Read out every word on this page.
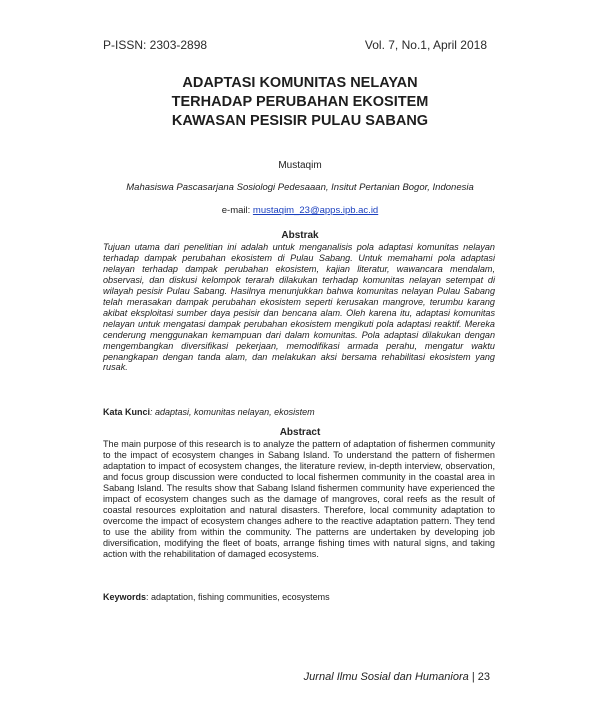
P-ISSN: 2303-2898	Vol. 7, No.1, April 2018
ADAPTASI KOMUNITAS NELAYAN
TERHADAP PERUBAHAN EKOSITEM
KAWASAN PESISIR PULAU SABANG
Mustaqim
Mahasiswa Pascasarjana Sosiologi Pedesaaan, Insitut Pertanian Bogor, Indonesia
e-mail: mustaqim_23@apps.ipb.ac.id
Abstrak
Tujuan utama dari penelitian ini adalah untuk menganalisis pola adaptasi komunitas nelayan terhadap dampak perubahan ekosistem di Pulau Sabang. Untuk memahami pola adaptasi nelayan terhadap dampak perubahan ekosistem, kajian literatur, wawancara mendalam, observasi, dan diskusi kelompok terarah dilakukan terhadap komunitas nelayan setempat di wilayah pesisir Pulau Sabang. Hasilnya menunjukkan bahwa komunitas nelayan Pulau Sabang telah merasakan dampak perubahan ekosistem seperti kerusakan mangrove, terumbu karang akibat eksploitasi sumber daya pesisir dan bencana alam. Oleh karena itu, adaptasi komunitas nelayan untuk mengatasi dampak perubahan ekosistem mengikuti pola adaptasi reaktif. Mereka cenderung menggunakan kemampuan dari dalam komunitas. Pola adaptasi dilakukan dengan mengembangkan diversifikasi pekerjaan, memodifikasi armada perahu, mengatur waktu penangkapan dengan tanda alam, dan melakukan aksi bersama rehabilitasi ekosistem yang rusak.
Kata Kunci: adaptasi, komunitas nelayan, ekosistem
Abstract
The main purpose of this research is to analyze the pattern of adaptation of fishermen community to the impact of ecosystem changes in Sabang Island. To understand the pattern of fishermen adaptation to impact of ecosystem changes, the literature review, in-depth interview, observation, and focus group discussion were conducted to local fishermen community in the coastal area in Sabang Island. The results show that Sabang Island fishermen community have experienced the impact of ecosystem changes such as the damage of mangroves, coral reefs as the result of coastal resources exploitation and natural disasters. Therefore, local community adaptation to overcome the impact of ecosystem changes adhere to the reactive adaptation pattern. They tend to use the ability from within the community. The patterns are undertaken by developing job diversification, modifying the fleet of boats, arrange fishing times with natural signs, and taking action with the rehabilitation of damaged ecosystems.
Keywords: adaptation, fishing communities, ecosystems
Jurnal Ilmu Sosial dan Humaniora | 23
